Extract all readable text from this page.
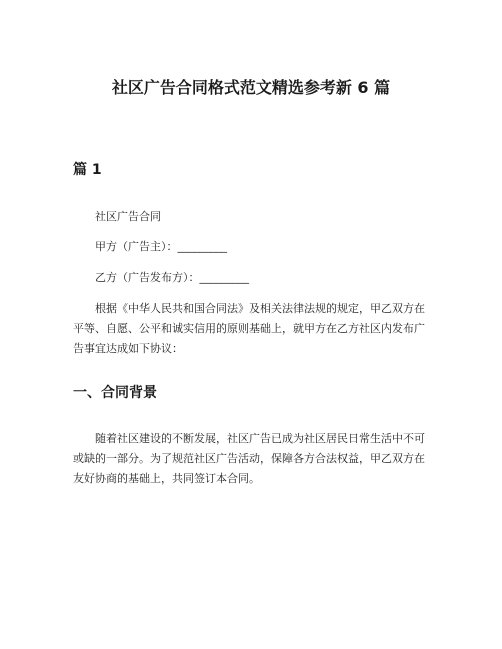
社区广告合同格式范文精选参考新 6 篇
篇 1
社区广告合同
甲方（广告主）：_________
乙方（广告发布方）：_________
根据《中华人民共和国合同法》及相关法律法规的规定，甲乙双方在平等、自愿、公平和诚实信用的原则基础上，就甲方在乙方社区内发布广告事宜达成如下协议：
一、合同背景
随着社区建设的不断发展，社区广告已成为社区居民日常生活中不可或缺的一部分。为了规范社区广告活动，保障各方合法权益，甲乙双方在友好协商的基础上，共同签订本合同。
